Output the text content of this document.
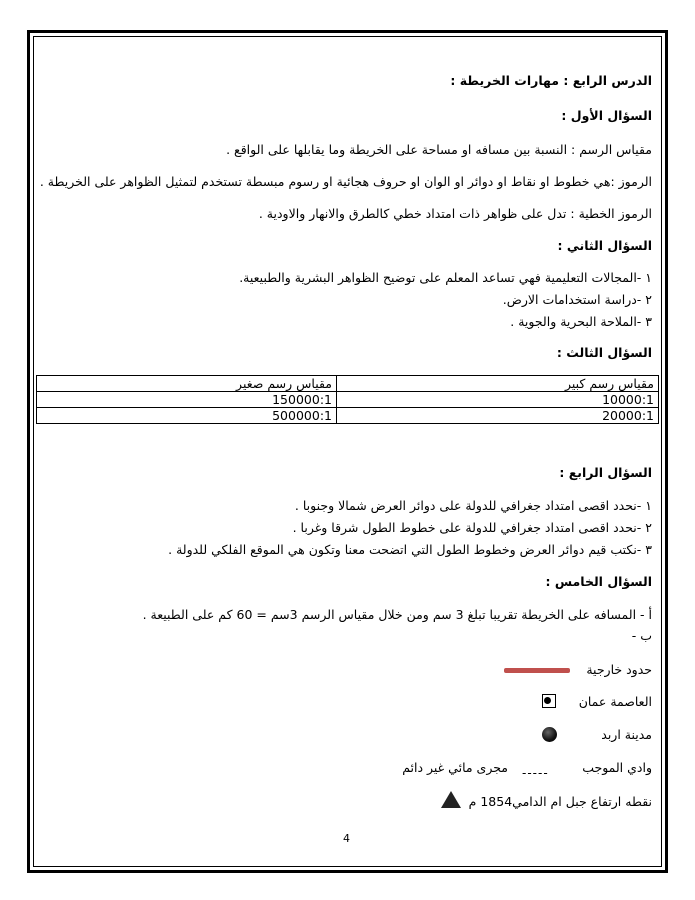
الدرس الرابع : مهارات الخريطة :
السؤال الأول :
مقياس الرسم : النسبة بين مسافه او مساحة على الخريطة وما يقابلها على الواقع .
الرموز :هي خطوط او نقاط او دوائر او الوان او حروف هجائية او رسوم مبسطة تستخدم لتمثيل الظواهر على الخريطة .
الرموز الخطية : تدل على ظواهر ذات امتداد خطي كالطرق والانهار والاودية .
السؤال الثاني :
١ -المجالات التعليمية فهي تساعد المعلم على توضيح الظواهر البشرية والطبيعية.
٢ -دراسة استخدامات الارض.
٣ -الملاحة البحرية والجوية .
السؤال الثالث :
مقياس رسم كبير	مقياس رسم صغير
10000:1	150000:1
20000:1	500000:1
السؤال الرابع :
١ -نحدد اقصى امتداد جغرافي للدولة على دوائر العرض شمالا وجنوبا .
٢ -نحدد اقصى امتداد جغرافي للدولة على خطوط الطول شرقا وغربا .
٣ -نكتب قيم دوائر العرض وخطوط الطول التي اتضحت معنا وتكون هي الموقع الفلكي للدولة .
السؤال الخامس :
أ - المسافه على الخريطة تقريبا تبلغ 3 سم ومن خلال مقياس الرسم 3سم = 60 كم على الطبيعة .
ب -
حدود خارجية
العاصمة عمان
مدينة اربد
وادي الموجب
-----
مجرى مائي غير دائم
نقطه ارتفاع جبل ام الدامي1854 م
4
